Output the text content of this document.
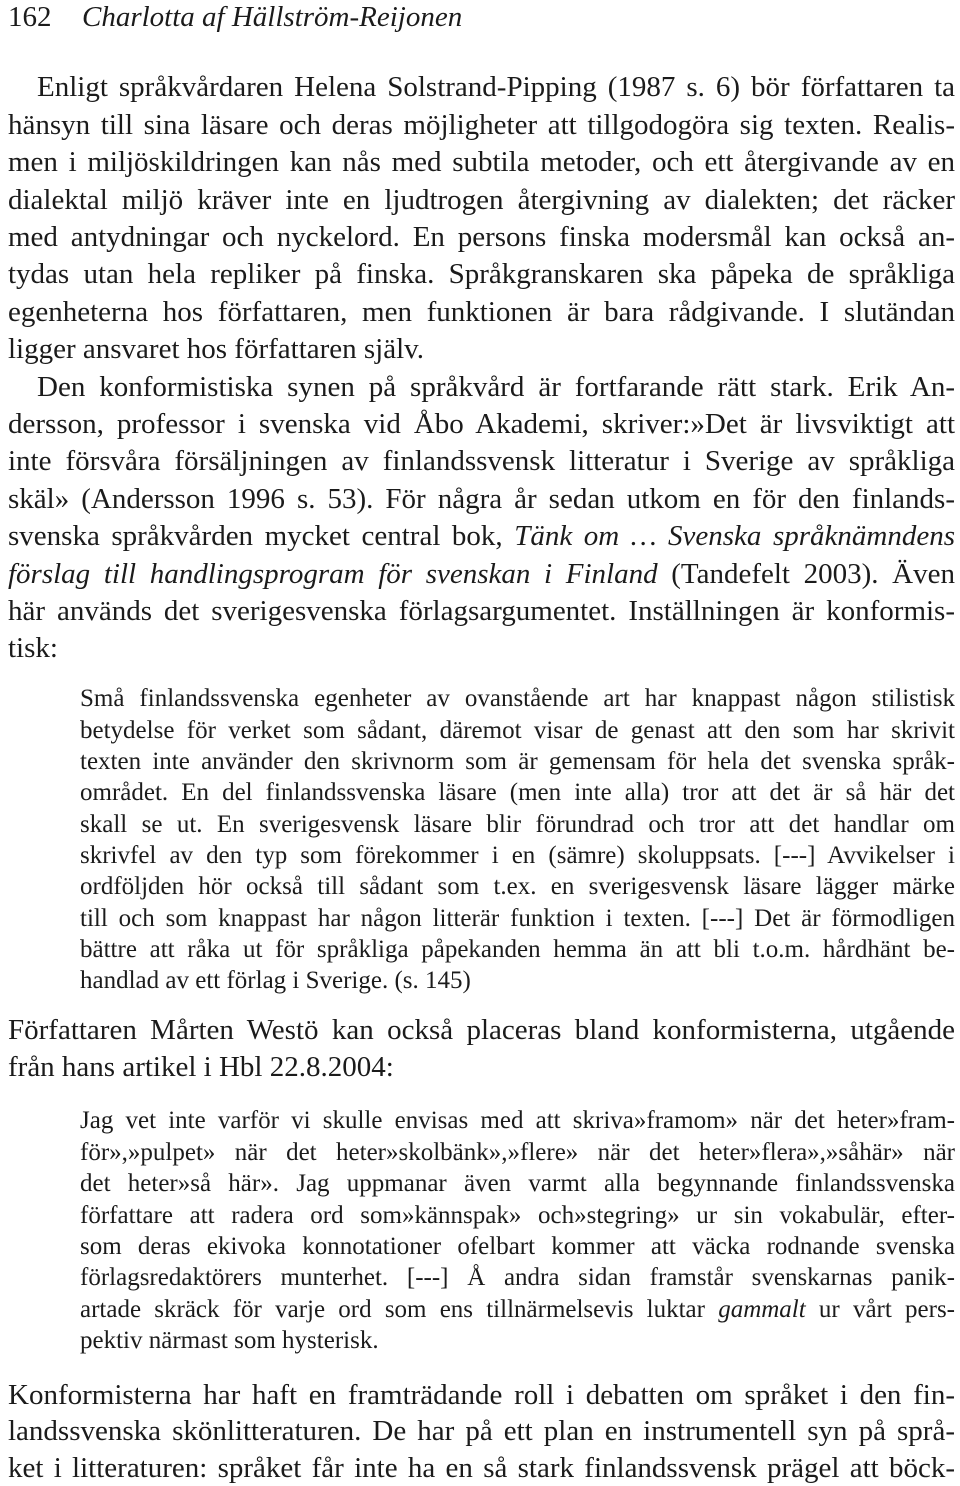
162 Charlotta af Hällström-Reijonen
Enligt språkvårdaren Helena Solstrand-Pipping (1987 s. 6) bör författaren ta
hänsyn till sina läsare och deras möjligheter att tillgodogöra sig texten. Realis-
men i miljöskildringen kan nås med subtila metoder, och ett återgivande av en
dialektal miljö kräver inte en ljudtrogen återgivning av dialekten; det räcker
med antydningar och nyckelord. En persons finska modersmål kan också an-
tydas utan hela repliker på finska. Språkgranskaren ska påpeka de språkliga
egenheterna hos författaren, men funktionen är bara rådgivande. I slutändan
ligger ansvaret hos författaren själv.
Den konformistiska synen på språkvård är fortfarande rätt stark. Erik An-
dersson, professor i svenska vid Åbo Akademi, skriver:»Det är livsviktigt att
inte försvåra försäljningen av finlandssvensk litteratur i Sverige av språkliga
skäl» (Andersson 1996 s. 53). För några år sedan utkom en för den finlands-
svenska språkvården mycket central bok, Tänk om … Svenska språknämndens
förslag till handlingsprogram för svenskan i Finland (Tandefelt 2003). Även
här används det sverigesvenska förlagsargumentet. Inställningen är konformis-
tisk:
Små finlandssvenska egenheter av ovanstående art har knappast någon stilistisk
betydelse för verket som sådant, däremot visar de genast att den som har skrivit
texten inte använder den skrivnorm som är gemensam för hela det svenska språk-
området. En del finlandssvenska läsare (men inte alla) tror att det är så här det
skall se ut. En sverigesvensk läsare blir förundrad och tror att det handlar om
skrivfel av den typ som förekommer i en (sämre) skoluppsats. [---] Avvikelser i
ordföljden hör också till sådant som t.ex. en sverigesvensk läsare lägger märke
till och som knappast har någon litterär funktion i texten. [---] Det är förmodligen
bättre att råka ut för språkliga påpekanden hemma än att bli t.o.m. hårdhänt be-
handlad av ett förlag i Sverige. (s. 145)
Författaren Mårten Westö kan också placeras bland konformisterna, utgående
från hans artikel i Hbl 22.8.2004:
Jag vet inte varför vi skulle envisas med att skriva»framom» när det heter»fram-
för»,»pulpet» när det heter»skolbänk»,»flere» när det heter»flera»,»såhär» när
det heter»så här». Jag uppmanar även varmt alla begynnande finlandssvenska
författare att radera ord som»kännspak» och»stegring» ur sin vokabulär, efter-
som deras ekivoka konnotationer ofelbart kommer att väcka rodnande svenska
förlagsredaktörers munterhet. [---] Å andra sidan framstår svenskarnas panik-
artade skräck för varje ord som ens tillnärmelsevis luktar gammalt ur vårt pers-
pektiv närmast som hysterisk.
Konformisterna har haft en framträdande roll i debatten om språket i den fin-
landssvenska skönlitteraturen. De har på ett plan en instrumentell syn på språ-
ket i litteraturen: språket får inte ha en så stark finlandssvensk prägel att böck-
